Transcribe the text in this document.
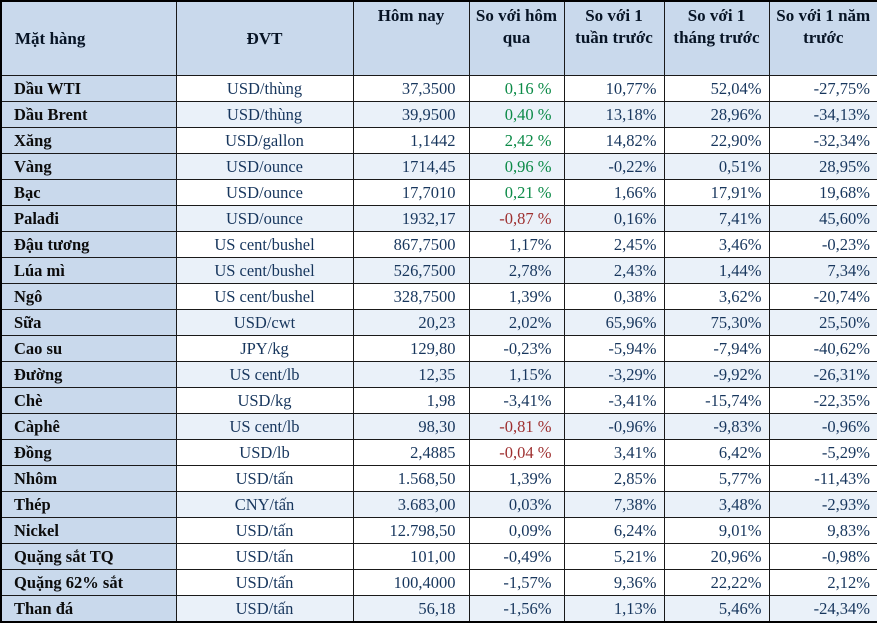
Mặt hàng	ĐVT	Hôm nay	So với hôm qua	So với 1 tuần trước	So với 1 tháng trước	So với 1 năm trước
Dầu WTI	USD/thùng	37,3500	0,16 %	10,77%	52,04%	-27,75%
Dầu Brent	USD/thùng	39,9500	0,40 %	13,18%	28,96%	-34,13%
Xăng	USD/gallon	1,1442	2,42 %	14,82%	22,90%	-32,34%
Vàng	USD/ounce	1714,45	0,96 %	-0,22%	0,51%	28,95%
Bạc	USD/ounce	17,7010	0,21 %	1,66%	17,91%	19,68%
Palađi	USD/ounce	1932,17	-0,87 %	0,16%	7,41%	45,60%
Đậu tương	US cent/bushel	867,7500	1,17%	2,45%	3,46%	-0,23%
Lúa mì	US cent/bushel	526,7500	2,78%	2,43%	1,44%	7,34%
Ngô	US cent/bushel	328,7500	1,39%	0,38%	3,62%	-20,74%
Sữa	USD/cwt	20,23	2,02%	65,96%	75,30%	25,50%
Cao su	JPY/kg	129,80	-0,23%	-5,94%	-7,94%	-40,62%
Đường	US cent/lb	12,35	1,15%	-3,29%	-9,92%	-26,31%
Chè	USD/kg	1,98	-3,41%	-3,41%	-15,74%	-22,35%
Càphê	US cent/lb	98,30	-0,81 %	-0,96%	-9,83%	-0,96%
Đồng	USD/lb	2,4885	-0,04 %	3,41%	6,42%	-5,29%
Nhôm	USD/tấn	1.568,50	1,39%	2,85%	5,77%	-11,43%
Thép	CNY/tấn	3.683,00	0,03%	7,38%	3,48%	-2,93%
Nickel	USD/tấn	12.798,50	0,09%	6,24%	9,01%	9,83%
Quặng sắt TQ	USD/tấn	101,00	-0,49%	5,21%	20,96%	-0,98%
Quặng 62% sắt	USD/tấn	100,4000	-1,57%	9,36%	22,22%	2,12%
Than đá	USD/tấn	56,18	-1,56%	1,13%	5,46%	-24,34%
